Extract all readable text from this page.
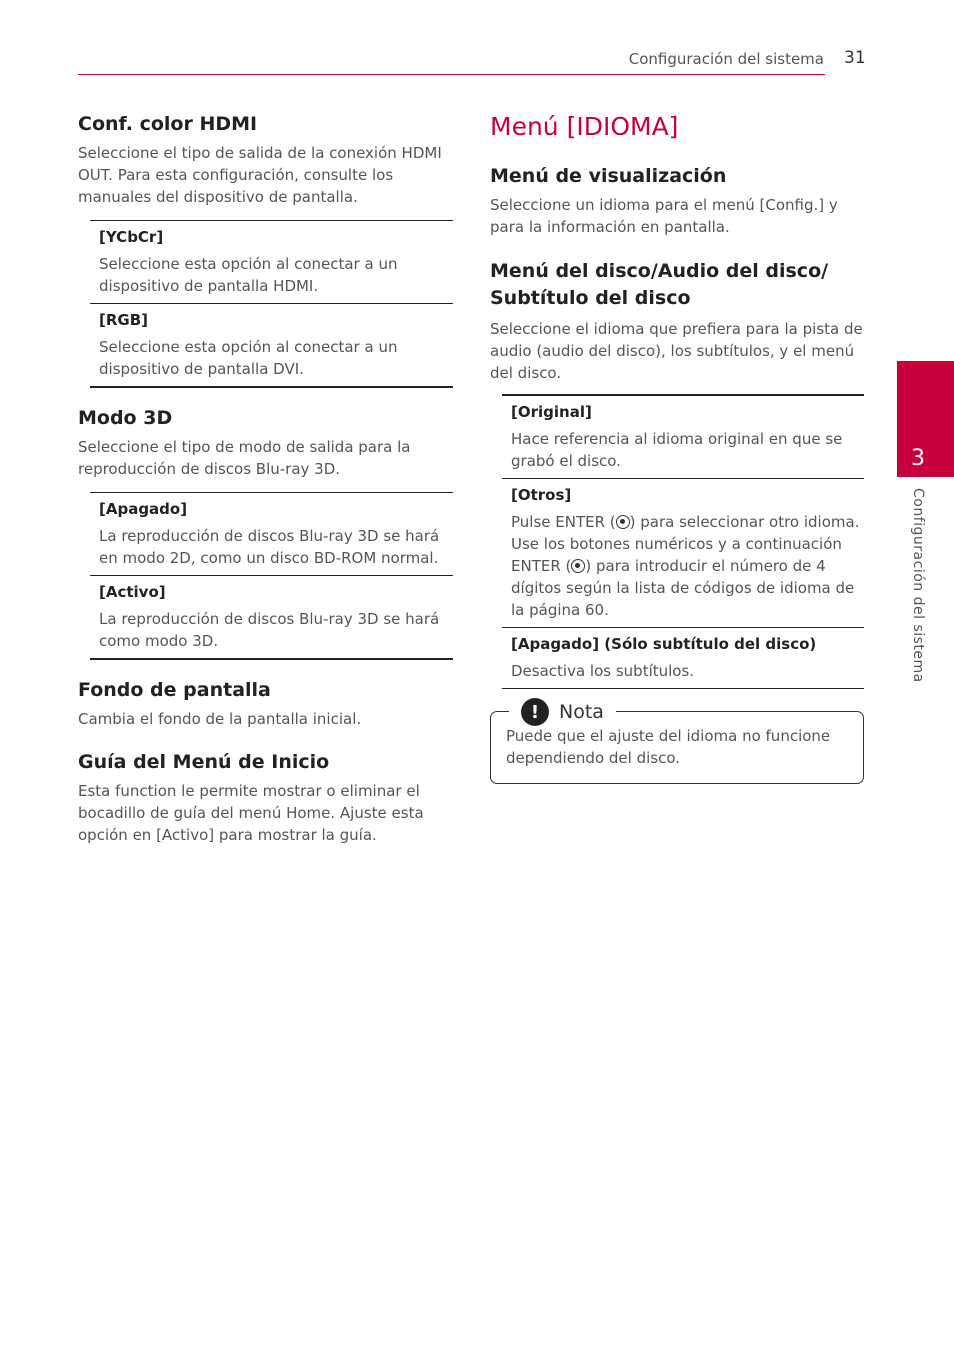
Configuración del sistema 31
Conf. color HDMI

Seleccione el tipo de salida de la conexión HDMI OUT. Para esta configuración, consulte los manuales del dispositivo de pantalla.

[YCbCr]
Seleccione esta opción al conectar a un dispositivo de pantalla HDMI.
[RGB]
Seleccione esta opción al conectar a un dispositivo de pantalla DVI.
Modo 3D

Seleccione el tipo de modo de salida para la reproducción de discos Blu-ray 3D.

[Apagado]
La reproducción de discos Blu-ray 3D se hará en modo 2D, como un disco BD-ROM normal.
[Activo]
La reproducción de discos Blu-ray 3D se hará como modo 3D.
Fondo de pantalla

Cambia el fondo de la pantalla inicial.

Guía del Menú de Inicio

Esta function le permite mostrar o eliminar el bocadillo de guía del menú Home. Ajuste esta opción en [Activo] para mostrar la guía.

Menú [IDIOMA]
Menú de visualización

Seleccione un idioma para el menú [Config.] y para la información en pantalla.

Menú del disco/Audio del disco/ Subtítulo del disco

Seleccione el idioma que prefiera para la pista de audio (audio del disco), los subtítulos, y el menú del disco.

[Original]
Hace referencia al idioma original en que se grabó el disco.
[Otros]
Pulse ENTER ( ) para seleccionar otro idioma. Use los botones numéricos y a continuación ENTER ( ) para introducir el número de 4 dígitos según la lista de códigos de idioma de la página 60.
[Apagado] (Sólo subtítulo del disco)
Desactiva los subtítulos.
!	Nota
Puede que el ajuste del idioma no funcione dependiendo del disco.
3
Configuración del sistema
